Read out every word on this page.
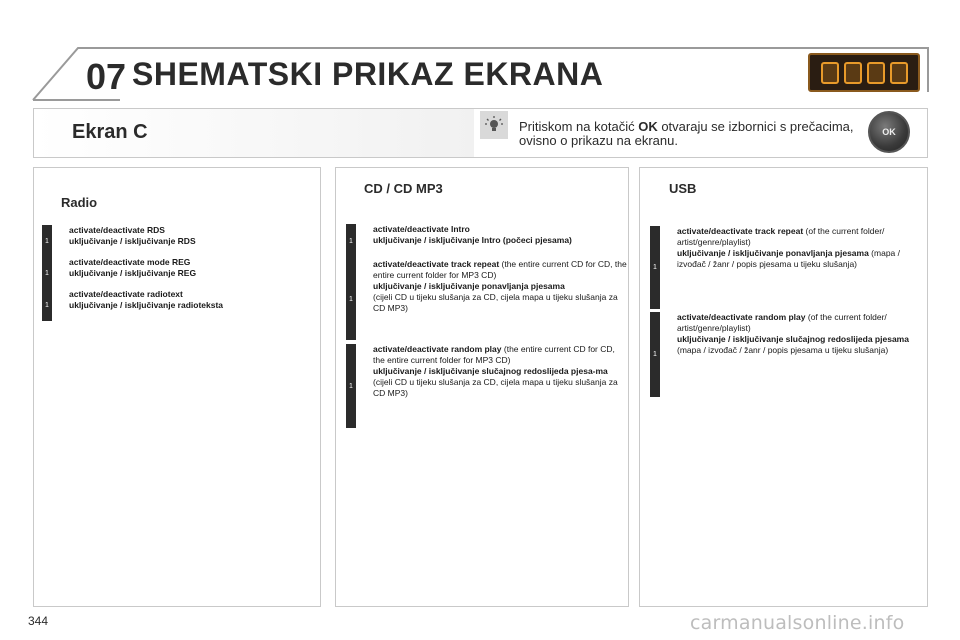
07 SHEMATSKI PRIKAZ EKRANA
Ekran C	Pritiskom na kotačić OK otvaraju se izbornici s prečacima, ovisno o prikazu na ekranu.
OK
Radio
1

activate/deactivate RDS

uključivanje / isključivanje RDS

1

activate/deactivate mode REG

uključivanje / isključivanje REG

1

activate/deactivate radiotext

uključivanje / isključivanje radioteksta

CD / CD MP3
1

activate/deactivate Intro

uključivanje / isključivanje Intro (počeci pjesama)

1

activate/deactivate track repeat (the entire current CD for CD, the entire current folder for MP3 CD)

uključivanje / isključivanje ponavljanja pjesama

(cijeli CD u tijeku slušanja za CD, cijela mapa u tijeku slušanja za CD MP3)

1

activate/deactivate random play (the entire current CD for CD, the entire current folder for MP3 CD)

uključivanje / isključivanje slučajnog redoslijeda pjesa-ma (cijeli CD u tijeku slušanja za CD, cijela mapa u tijeku slušanja za CD MP3)

USB
1

activate/deactivate track repeat (of the current folder/ artist/genre/playlist)

uključivanje / isključivanje ponavljanja pjesama (mapa / izvođač / žanr / popis pjesama u tijeku slušanja)

1

activate/deactivate random play (of the current folder/ artist/genre/playlist)

uključivanje / isključivanje slučajnog redoslijeda pjesama (mapa / izvođač / žanr / popis pjesama u tijeku slušanja)

344	carmanualsonline.info
